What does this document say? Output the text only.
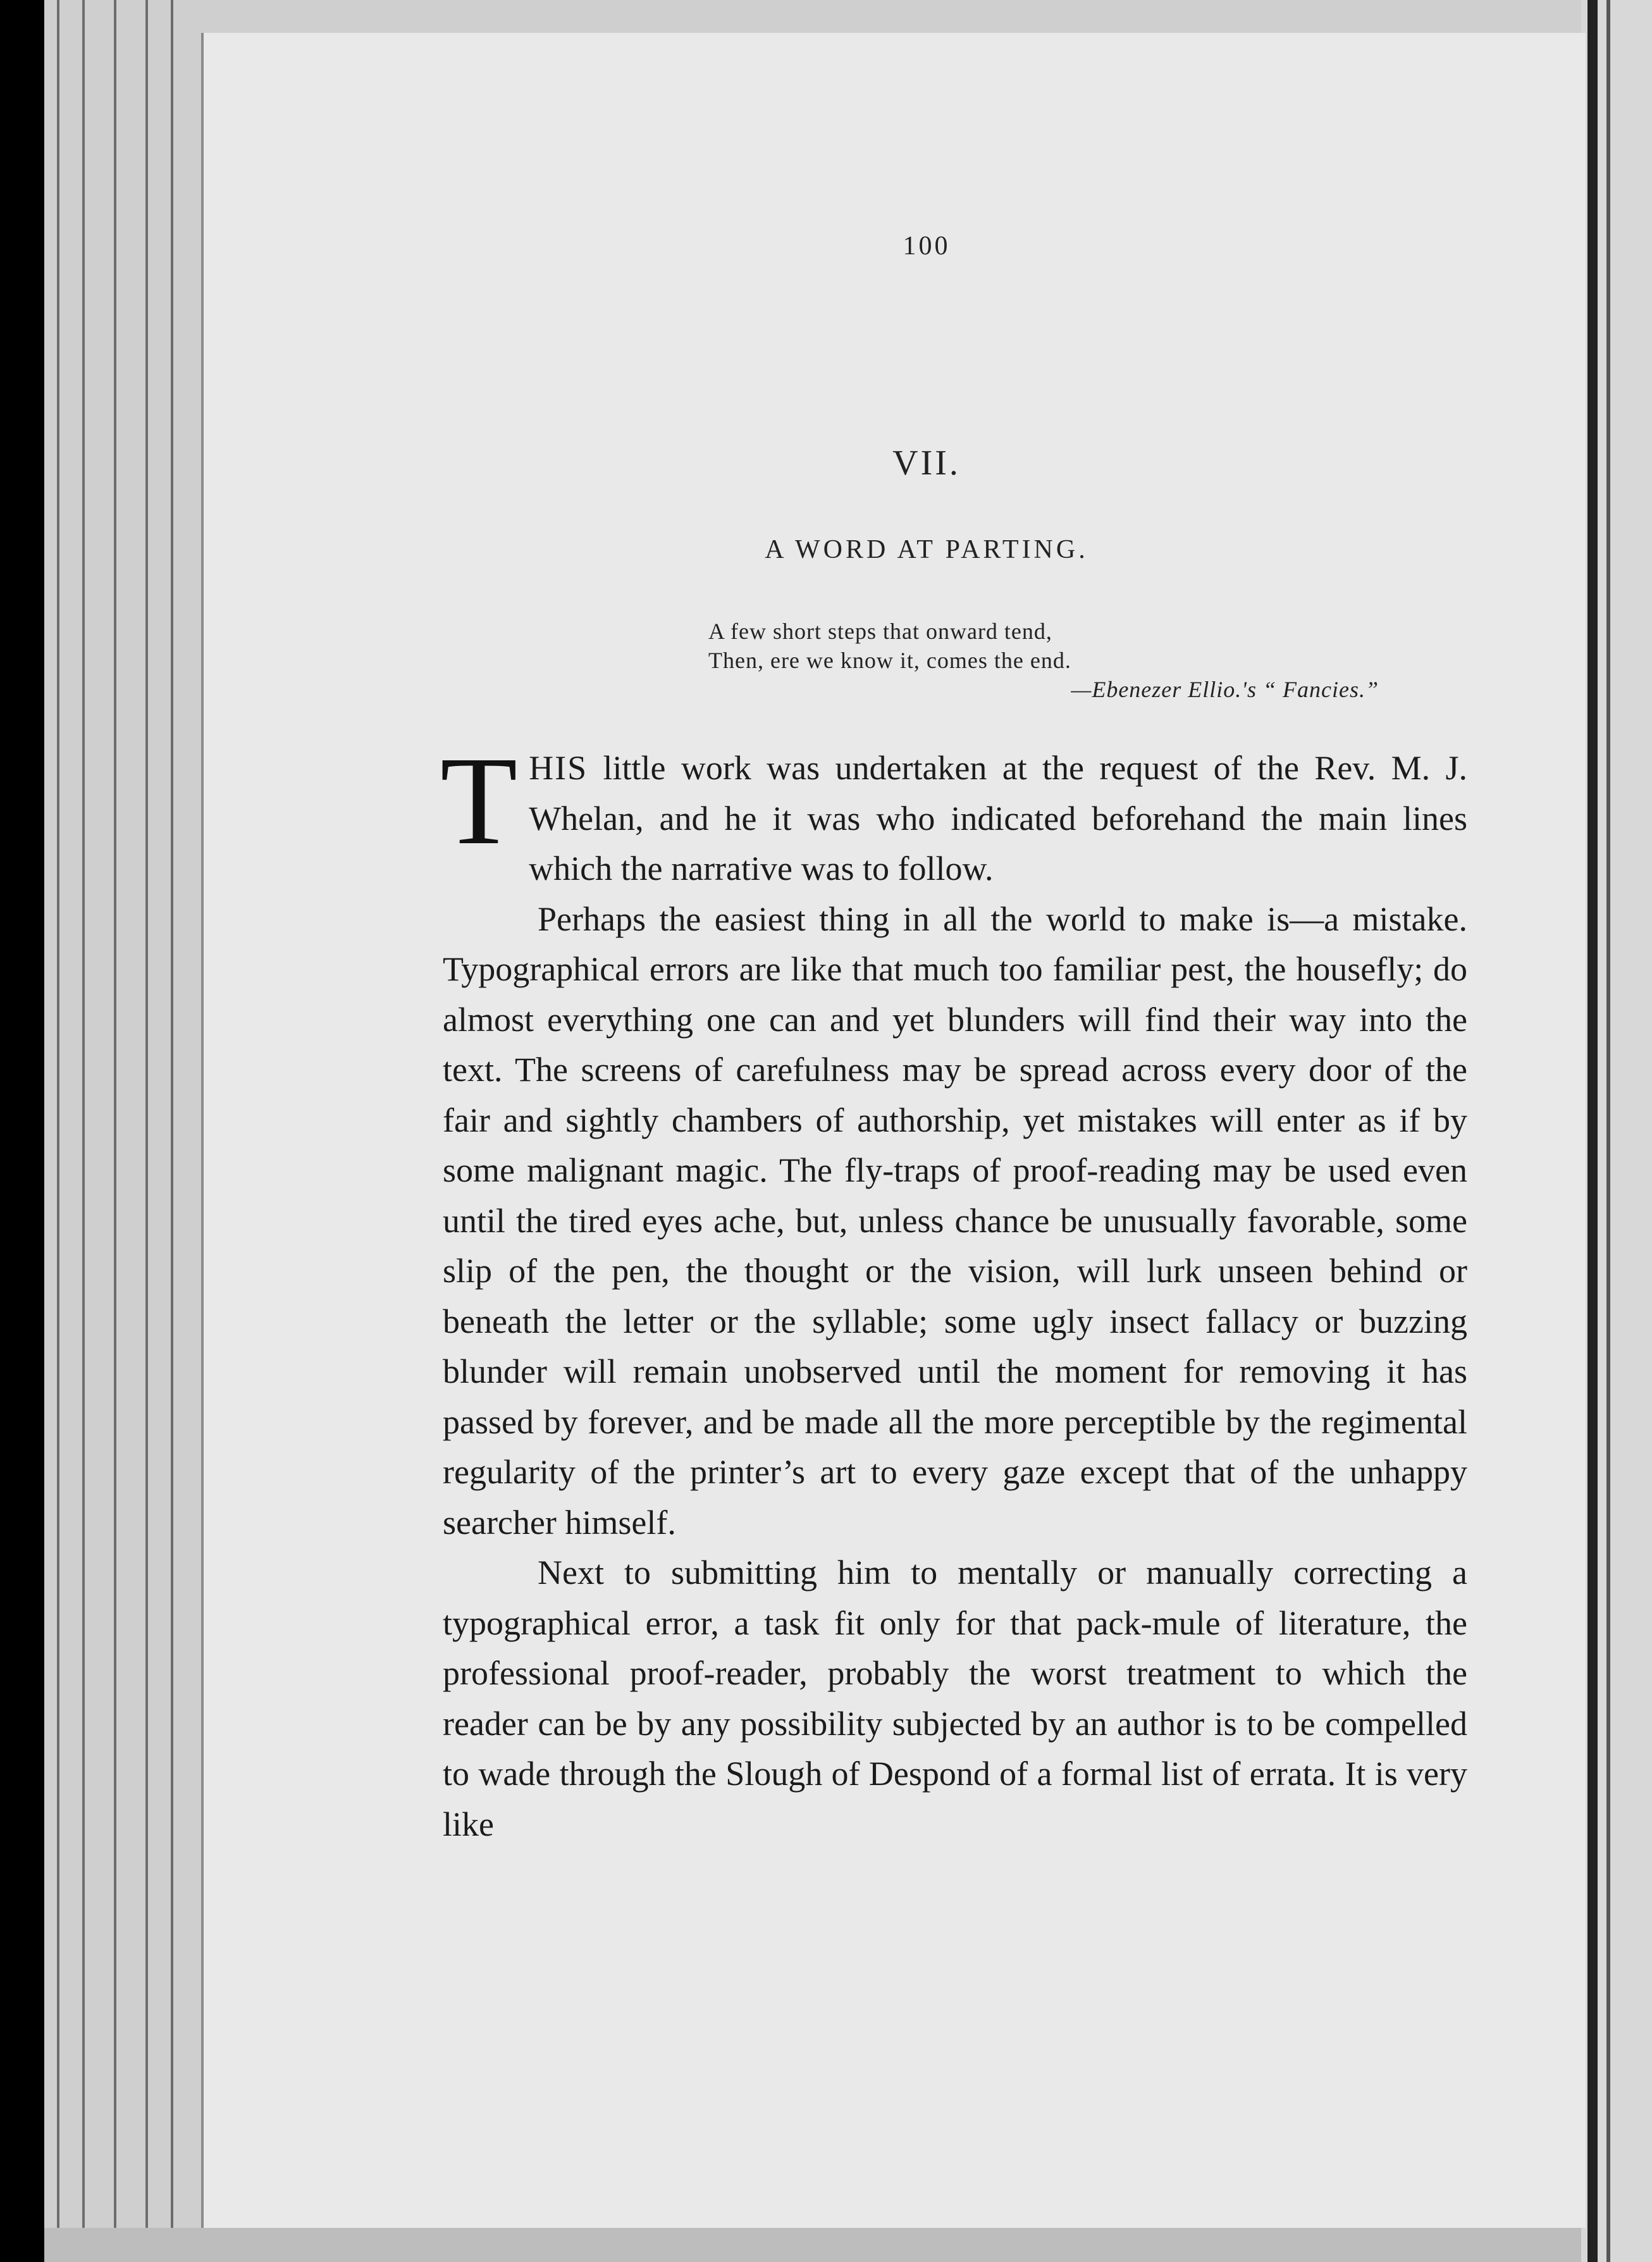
100
VII.
A WORD AT PARTING.
A few short steps that onward tend,
Then, ere we know it, comes the end.

—Ebenezer Ellio.'s “ Fancies.”

THIS little work was undertaken at the request of the Rev. M. J. Whelan, and he it was who indicated beforehand the main lines which the narrative was to follow.

Perhaps the easiest thing in all the world to make is—a mistake. Typographical errors are like that much too familiar pest, the housefly; do almost everything one can and yet blunders will find their way into the text. The screens of carefulness may be spread across every door of the fair and sightly chambers of authorship, yet mistakes will enter as if by some malignant magic. The fly-traps of proof-reading may be used even until the tired eyes ache, but, unless chance be unusually favorable, some slip of the pen, the thought or the vision, will lurk unseen behind or beneath the letter or the syllable; some ugly insect fallacy or buzzing blunder will remain unobserved until the moment for removing it has passed by forever, and be made all the more perceptible by the regimental regularity of the printer’s art to every gaze except that of the unhappy searcher himself.

Next to submitting him to mentally or manually correcting a typographical error, a task fit only for that pack-mule of literature, the professional proof-reader, probably the worst treatment to which the reader can be by any possibility subjected by an author is to be compelled to wade through the Slough of Despond of a formal list of errata. It is very like
